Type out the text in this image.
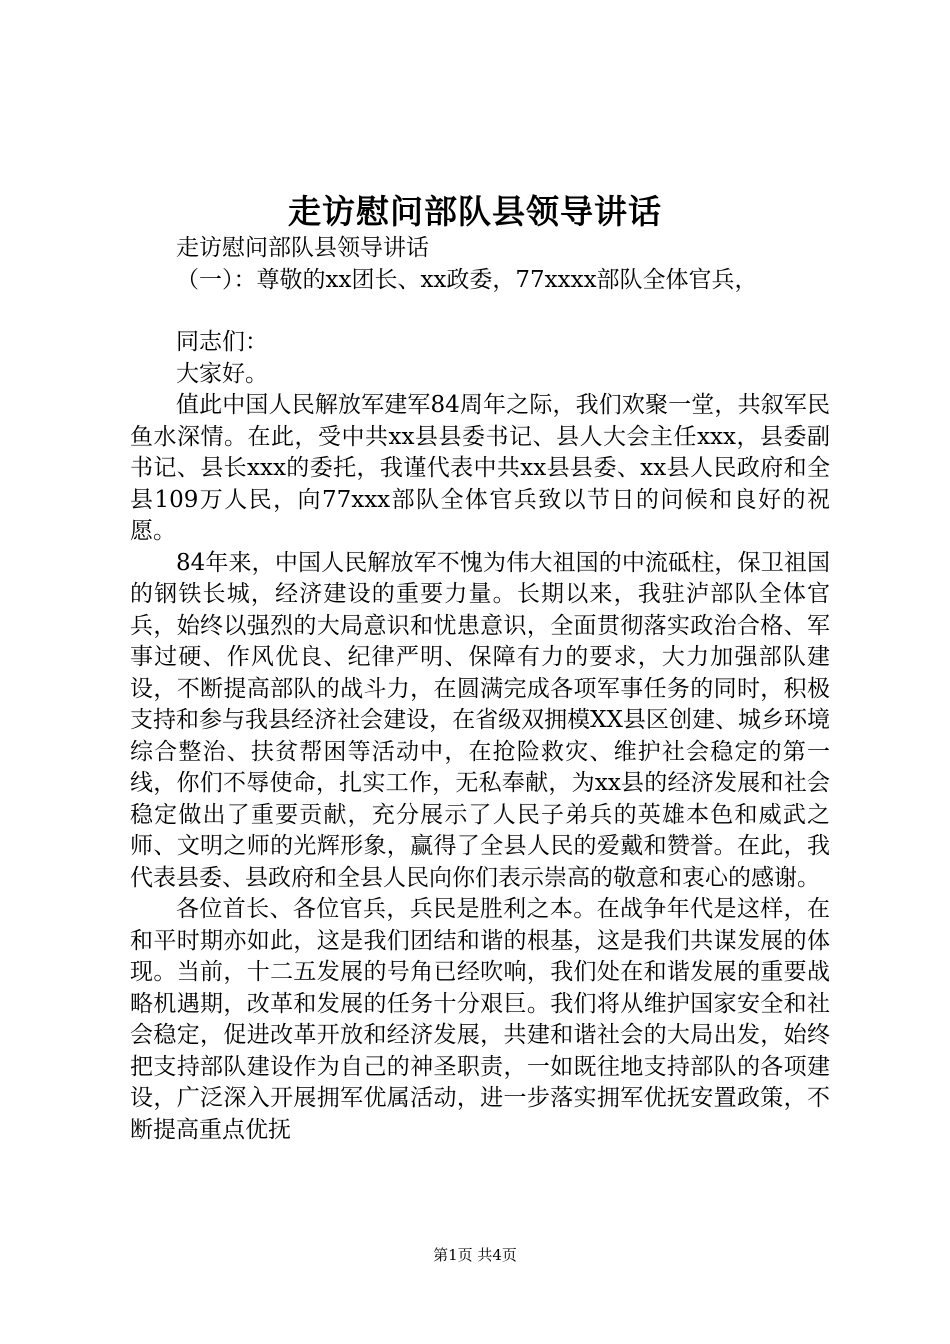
走访慰问部队县领导讲话

走访慰问部队县领导讲话

（一）：尊敬的xx团长、xx政委，77xxxx部队全体官兵，

同志们：

大家好。

值此中国人民解放军建军84周年之际，我们欢聚一堂，共叙军民鱼水深情。在此，受中共xx县县委书记、县人大会主任xxx，县委副书记、县长xxx的委托，我谨代表中共xx县县委、xx县人民政府和全县109万人民，向77xxx部队全体官兵致以节日的问候和良好的祝愿。

84年来，中国人民解放军不愧为伟大祖国的中流砥柱，保卫祖国的钢铁长城，经济建设的重要力量。长期以来，我驻泸部队全体官兵，始终以强烈的大局意识和忧患意识，全面贯彻落实政治合格、军事过硬、作风优良、纪律严明、保障有力的要求，大力加强部队建设，不断提高部队的战斗力，在圆满完成各项军事任务的同时，积极支持和参与我县经济社会建设，在省级双拥模XX县区创建、城乡环境综合整治、扶贫帮困等活动中，在抢险救灾、维护社会稳定的第一线，你们不辱使命，扎实工作，无私奉献，为xx县的经济发展和社会稳定做出了重要贡献，充分展示了人民子弟兵的英雄本色和威武之师、文明之师的光辉形象，赢得了全县人民的爱戴和赞誉。在此，我代表县委、县政府和全县人民向你们表示崇高的敬意和衷心的感谢。

各位首长、各位官兵，兵民是胜利之本。在战争年代是这样，在和平时期亦如此，这是我们团结和谐的根基，这是我们共谋发展的体现。当前，十二五发展的号角已经吹响，我们处在和谐发展的重要战略机遇期，改革和发展的任务十分艰巨。我们将从维护国家安全和社会稳定，促进改革开放和经济发展，共建和谐社会的大局出发，始终把支持部队建设作为自己的神圣职责，一如既往地支持部队的各项建设，广泛深入开展拥军优属活动，进一步落实拥军优抚安置政策，不断提高重点优抚

第1页 共4页
